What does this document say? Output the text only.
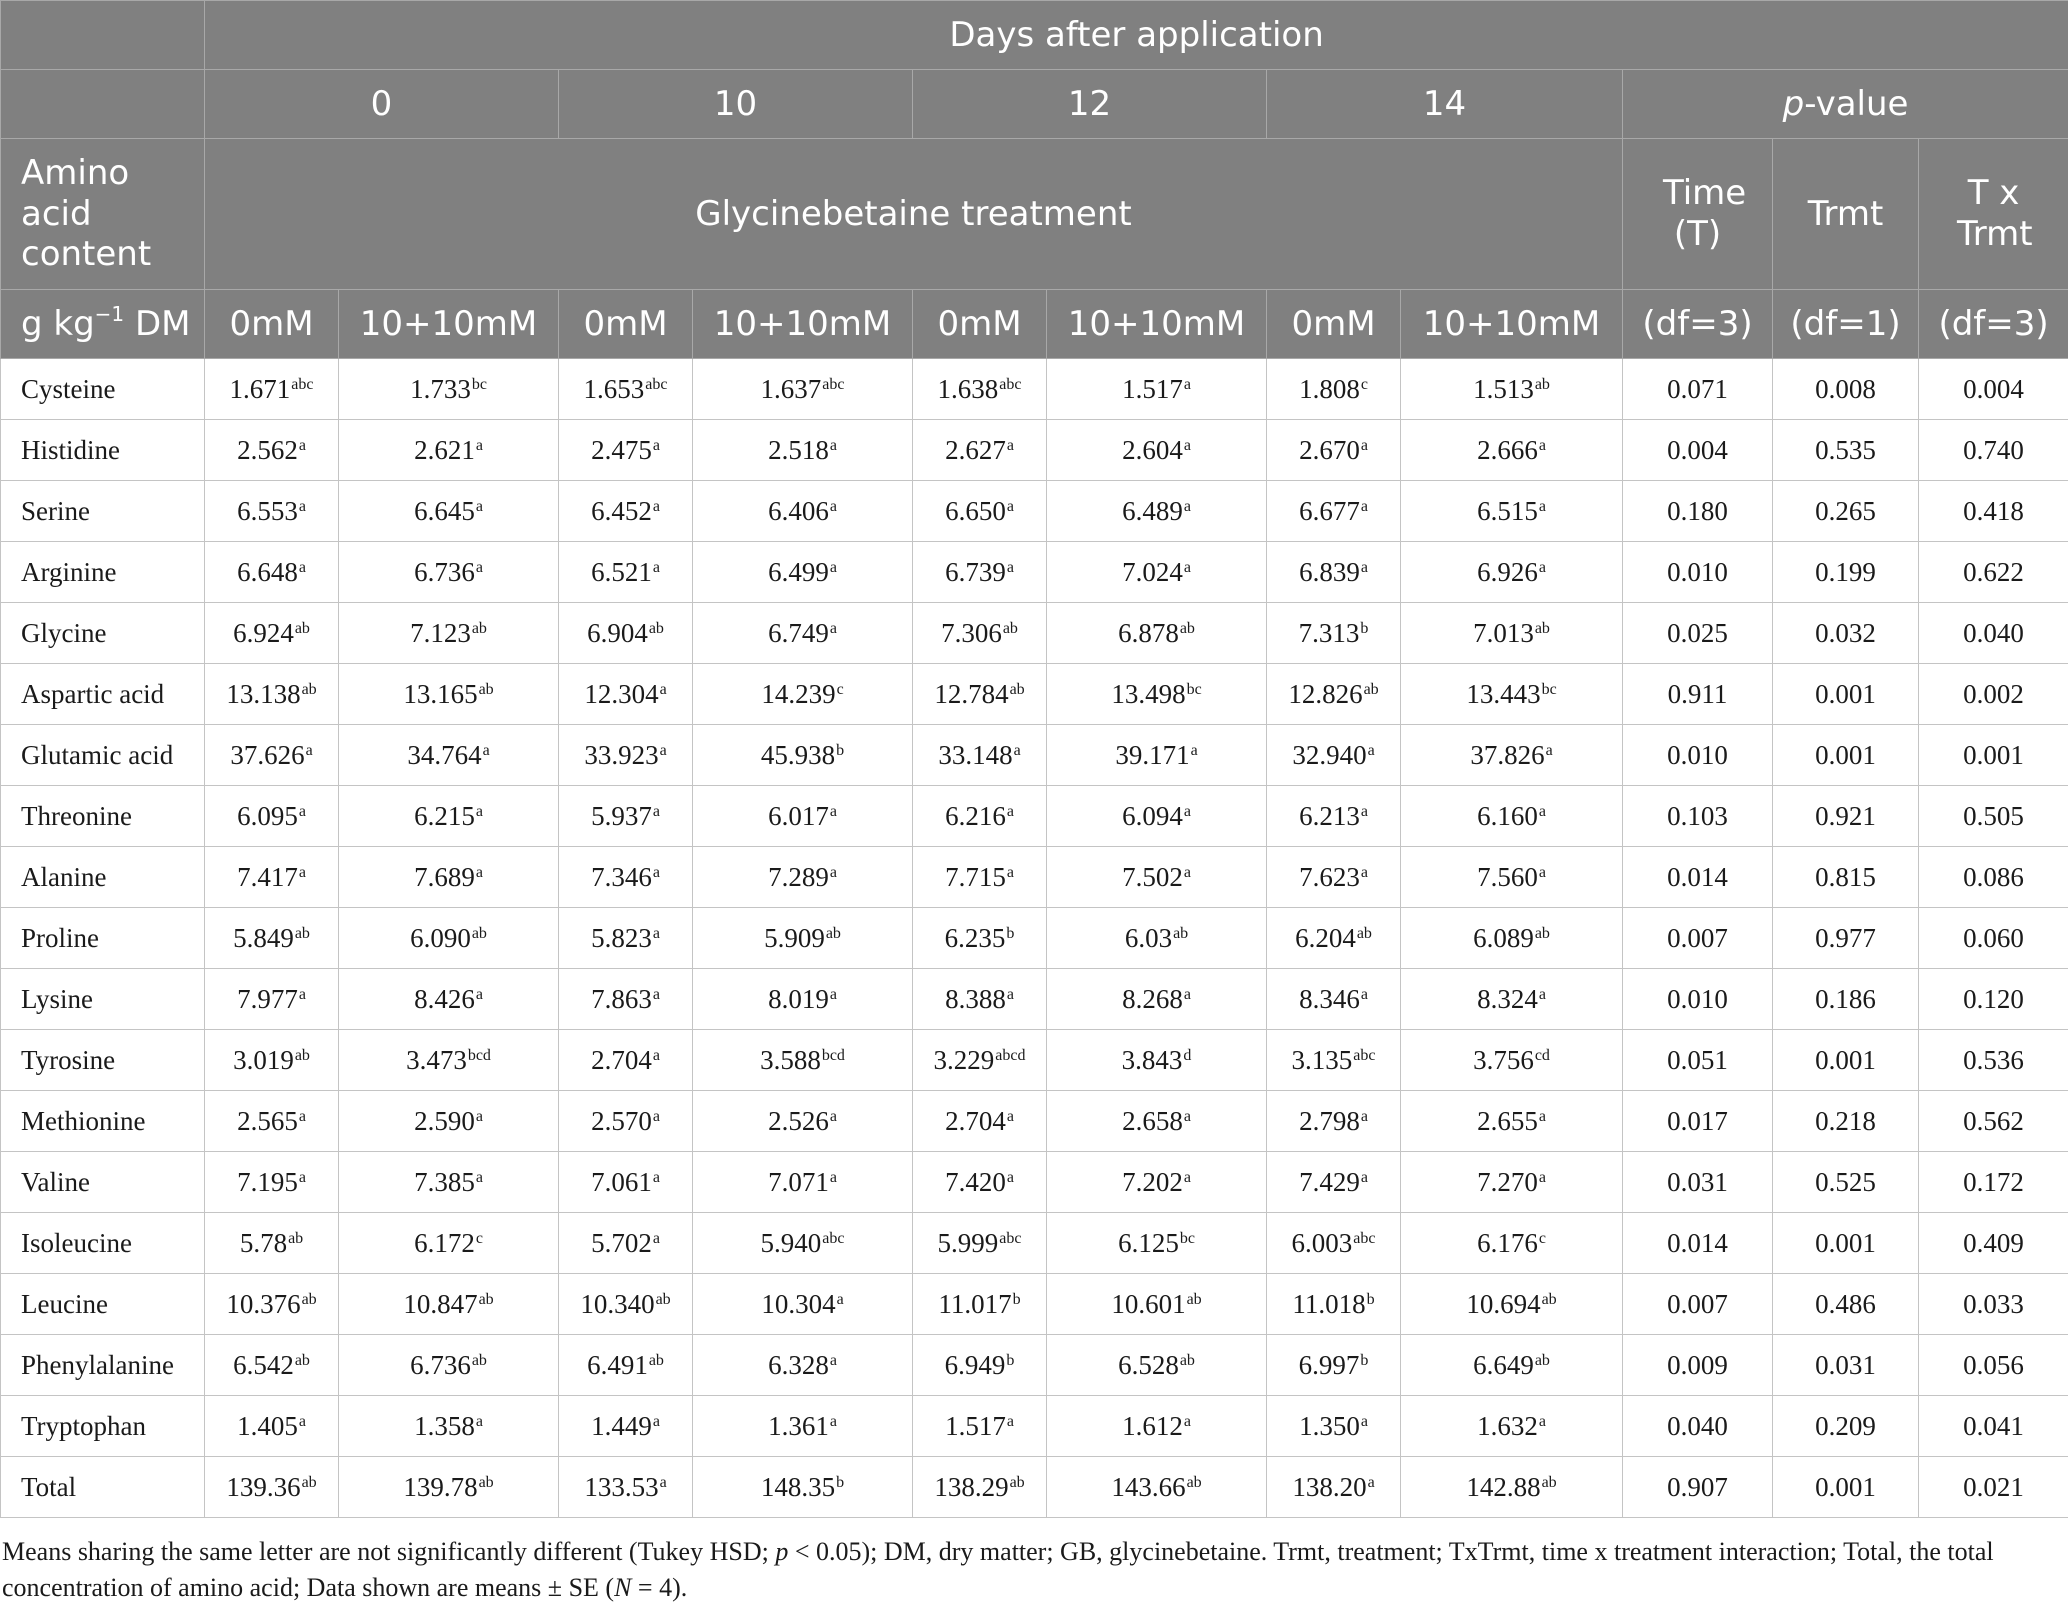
	Days after application										
	0		10		12		14		p-value		
Amino acid content	Glycinebetaine treatment								Time (T)	Trmt	T x Trmt
g $kg^{-1}$ DM	0mM	10+10mM	0mM	10+10mM	0mM	10+10mM	0mM	10+10mM	(df=3)	(df=1)	(df=3)
Cysteine	1.671$^{abc}$	1.733$^{bc}$	1.653$^{abc}$	1.637$^{abc}$	1.638$^{abc}$	1.517$^a$	1.808$^c$	1.513$^{ab}$	0.071	0.008	0.004
Histidine	2.562$^a$	2.621$^a$	2.475$^a$	2.518$^a$	2.627$^a$	2.604$^a$	2.670$^a$	2.666$^a$	0.004	0.535	0.740
Serine	6.553$^a$	6.645$^a$	6.452$^a$	6.406$^a$	6.650$^a$	6.489$^a$	6.677$^a$	6.515$^a$	0.180	0.265	0.418
Arginine	6.648$^a$	6.736$^a$	6.521$^a$	6.499$^a$	6.739$^a$	7.024$^a$	6.839$^a$	6.926$^a$	0.010	0.199	0.622
Glycine	6.924$^{ab}$	7.123$^{ab}$	6.904$^{ab}$	6.749$^a$	7.306$^{ab}$	6.878$^{ab}$	7.313$^b$	7.013$^{ab}$	0.025	0.032	0.040
Aspartic acid	13.138$^{ab}$	13.165$^{ab}$	12.304$^a$	14.239$^c$	12.784$^{ab}$	13.498$^{bc}$	12.826$^{ab}$	13.443$^{bc}$	0.911	0.001	0.002
Glutamic acid	37.626$^a$	34.764$^a$	33.923$^a$	45.938$^b$	33.148$^a$	39.171$^a$	32.940$^a$	37.826$^a$	0.010	0.001	0.001
Threonine	6.095$^a$	6.215$^a$	5.937$^a$	6.017$^a$	6.216$^a$	6.094$^a$	6.213$^a$	6.160$^a$	0.103	0.921	0.505
Alanine	7.417$^a$	7.689$^a$	7.346$^a$	7.289$^a$	7.715$^a$	7.502$^a$	7.623$^a$	7.560$^a$	0.014	0.815	0.086
Proline	5.849$^{ab}$	6.090$^{ab}$	5.823$^a$	5.909$^{ab}$	6.235$^b$	6.03$^{ab}$	6.204$^{ab}$	6.089$^{ab}$	0.007	0.977	0.060
Lysine	7.977$^a$	8.426$^a$	7.863$^a$	8.019$^a$	8.388$^a$	8.268$^a$	8.346$^a$	8.324$^a$	0.010	0.186	0.120
Tyrosine	3.019$^{ab}$	3.473$^{bcd}$	2.704$^a$	3.588$^{bcd}$	$3.229^{abcd}$	3.843$^d$	3.135$^{abc}$	3.756$^{cd}$	0.051	0.001	0.536
Methionine	2.565$^a$	2.590$^a$	2.570$^a$	2.526$^a$	2.704$^a$	2.658$^a$	2.798$^a$	2.655$^a$	0.017	0.218	0.562
Valine	7.195$^a$	7.385$^a$	7.061$^a$	7.071$^a$	7.420$^a$	7.202$^a$	7.429$^a$	7.270$^a$	0.031	0.525	0.172
Isoleucine	5.78$^{ab}$	6.172$^c$	5.702$^a$	5.940$^{abc}$	5.999$^{abc}$	6.125$^{bc}$	6.003$^{abc}$	6.176$^c$	0.014	0.001	0.409
Leucine	10.376$^{ab}$	10.847$^{ab}$	10.340$^{ab}$	10.304$^a$	11.017$^b$	10.601$^{ab}$	11.018$^b$	10.694$^{ab}$	0.007	0.486	0.033
Phenylalanine	6.542$^{ab}$	6.736$^{ab}$	6.491$^{ab}$	6.328$^a$	6.949$^b$	6.528$^{ab}$	6.997$^b$	6.649$^{ab}$	0.009	0.031	0.056
Tryptophan	1.405$^a$	1.358$^a$	1.449$^a$	1.361$^a$	1.517$^a$	1.612$^a$	1.350$^a$	1.632$^a$	0.040	0.209	0.041
Total	139.36$^{ab}$	139.78$^{ab}$	133.53$^a$	148.35$^b$	138.29$^{ab}$	143.66$^{ab}$	138.20$^a$	142.88$^{ab}$	0.907	0.001	0.021
Means sharing the same letter are not significantly different (Tukey HSD; p < 0.05); DM, dry matter; GB, glycinebetaine. Trmt, treatment; TxTrmt, time x treatment interaction; Total, the total concentration of amino acid; Data shown are means ± SE (N = 4).
